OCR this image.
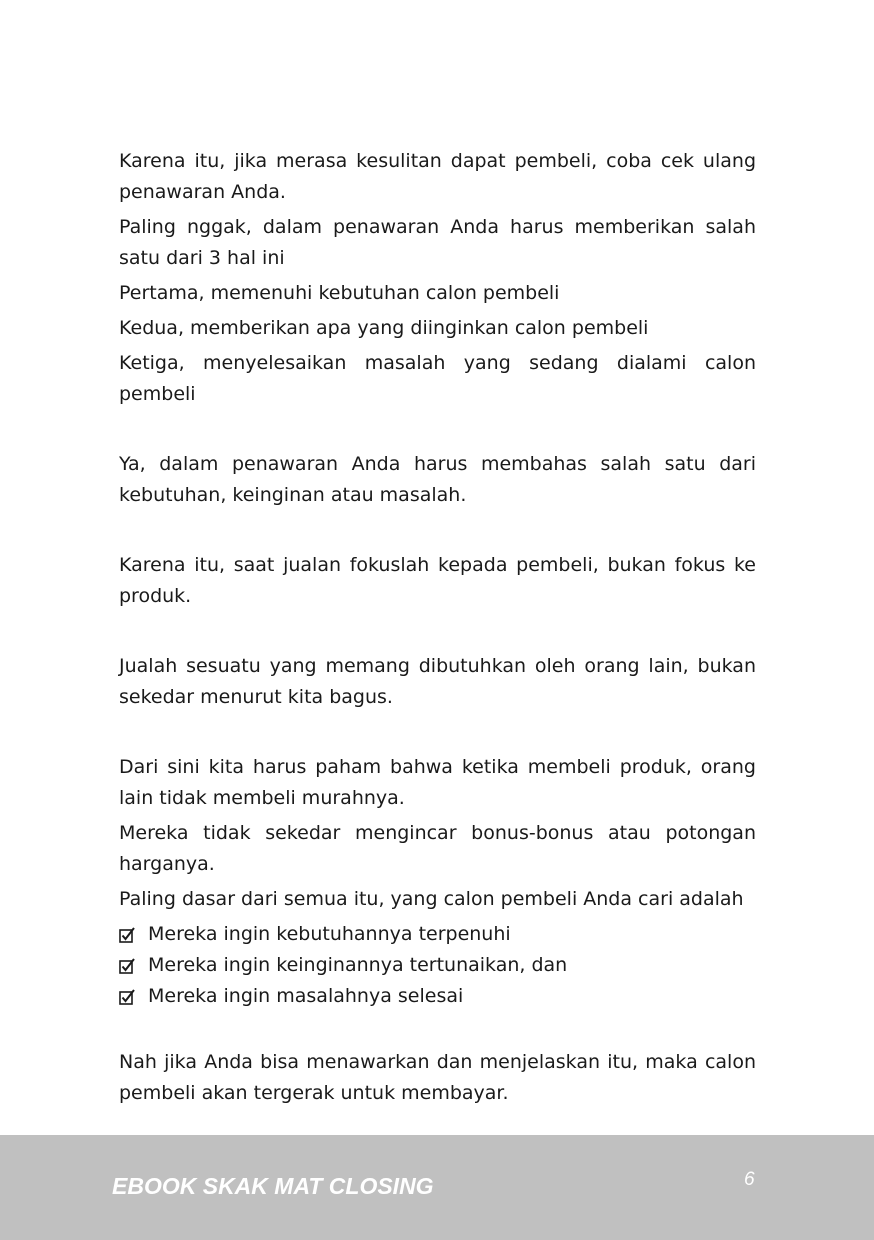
Karena itu, jika merasa kesulitan dapat pembeli, coba cek ulang penawaran Anda.

Paling nggak, dalam penawaran Anda harus memberikan salah satu dari 3 hal ini

Pertama, memenuhi kebutuhan calon pembeli

Kedua, memberikan apa yang diinginkan calon pembeli

Ketiga, menyelesaikan masalah yang sedang dialami calon pembeli

Ya, dalam penawaran Anda harus membahas salah satu dari kebutuhan, keinginan atau masalah.

Karena itu, saat jualan fokuslah kepada pembeli, bukan fokus ke produk.

Jualah sesuatu yang memang dibutuhkan oleh orang lain, bukan sekedar menurut kita bagus.

Dari sini kita harus paham bahwa ketika membeli produk, orang lain tidak membeli murahnya.

Mereka tidak sekedar mengincar bonus-bonus atau potongan harganya.

Paling dasar dari semua itu, yang calon pembeli Anda cari adalah

Mereka ingin kebutuhannya terpenuhi
Mereka ingin keinginannya tertunaikan, dan
Mereka ingin masalahnya selesai

Nah jika Anda bisa menawarkan dan menjelaskan itu, maka calon pembeli akan tergerak untuk membayar.

EBOOK SKAK MAT CLOSING	6
